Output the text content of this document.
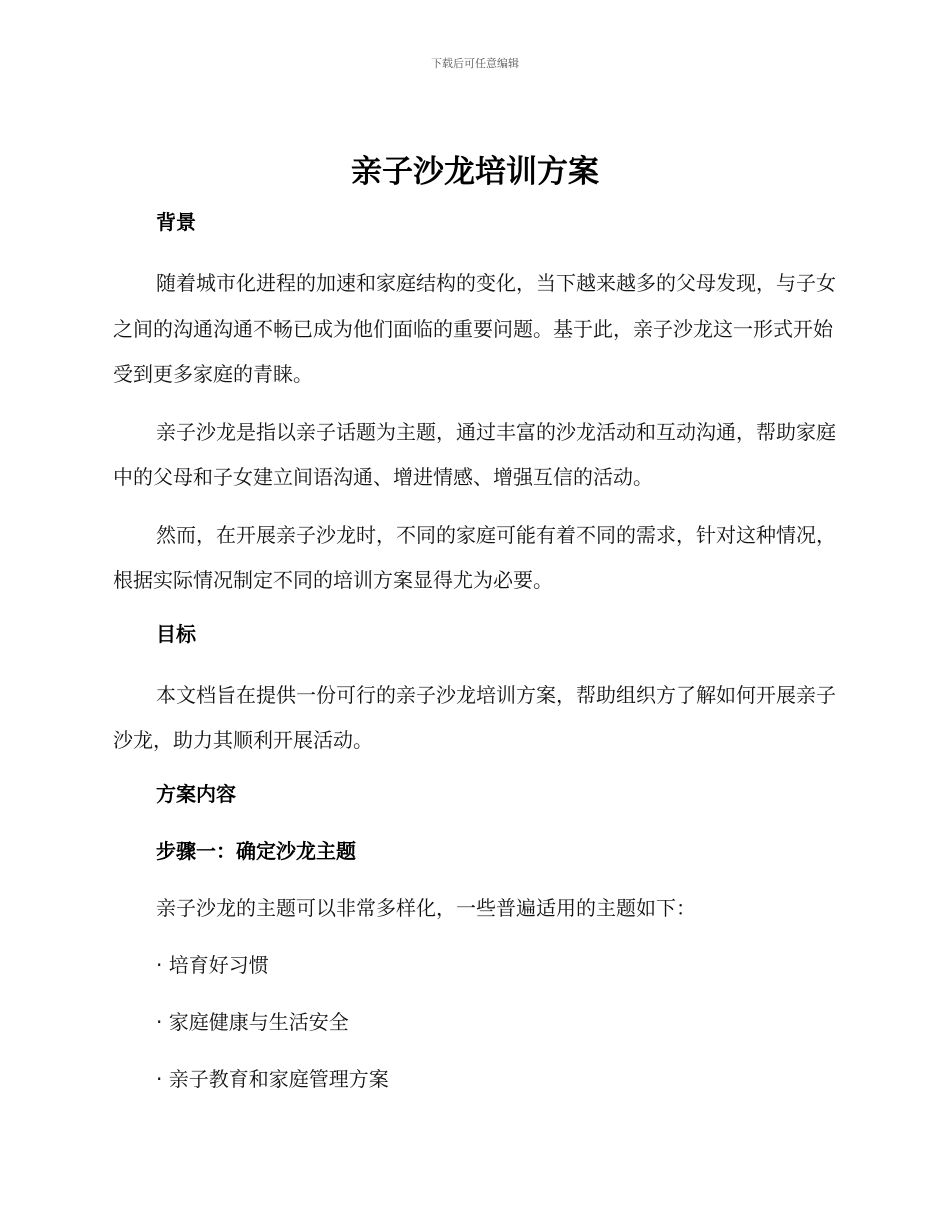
下载后可任意编辑
亲子沙龙培训方案
背景
随着城市化进程的加速和家庭结构的变化，当下越来越多的父母发现，与子女之间的沟通沟通不畅已成为他们面临的重要问题。基于此，亲子沙龙这一形式开始受到更多家庭的青睐。
亲子沙龙是指以亲子话题为主题，通过丰富的沙龙活动和互动沟通，帮助家庭中的父母和子女建立间语沟通、增进情感、增强互信的活动。
然而，在开展亲子沙龙时，不同的家庭可能有着不同的需求，针对这种情况，根据实际情况制定不同的培训方案显得尤为必要。
目标
本文档旨在提供一份可行的亲子沙龙培训方案，帮助组织方了解如何开展亲子沙龙，助力其顺利开展活动。
方案内容
步骤一：确定沙龙主题
亲子沙龙的主题可以非常多样化，一些普遍适用的主题如下：
· 培育好习惯
· 家庭健康与生活安全
· 亲子教育和家庭管理方案
